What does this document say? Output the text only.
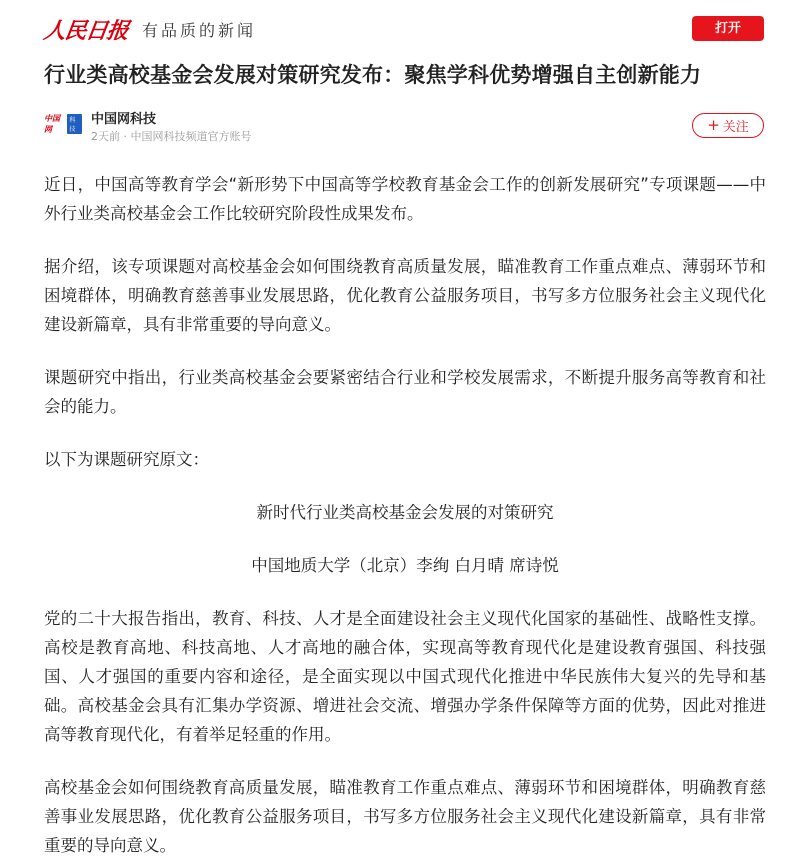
人民日报 有品质的新闻	打开
行业类高校基金会发展对策研究发布：聚焦学科优势增强自主创新能力
中国网
科技
中国网科技
2天前 · 中国网科技频道官方账号
+ 关注

近日，中国高等教育学会“新形势下中国高等学校教育基金会工作的创新发展研究”专项课题——中外行业类高校基金会工作比较研究阶段性成果发布。

据介绍，该专项课题对高校基金会如何围绕教育高质量发展，瞄准教育工作重点难点、薄弱环节和困境群体，明确教育慈善事业发展思路，优化教育公益服务项目，书写多方位服务社会主义现代化建设新篇章，具有非常重要的导向意义。

课题研究中指出，行业类高校基金会要紧密结合行业和学校发展需求，不断提升服务高等教育和社会的能力。

以下为课题研究原文：

新时代行业类高校基金会发展的对策研究

中国地质大学（北京）李绚 白月晴 席诗悦

党的二十大报告指出，教育、科技、人才是全面建设社会主义现代化国家的基础性、战略性支撑。高校是教育高地、科技高地、人才高地的融合体，实现高等教育现代化是建设教育强国、科技强国、人才强国的重要内容和途径，是全面实现以中国式现代化推进中华民族伟大复兴的先导和基础。高校基金会具有汇集办学资源、增进社会交流、增强办学条件保障等方面的优势，因此对推进高等教育现代化，有着举足轻重的作用。

高校基金会如何围绕教育高质量发展，瞄准教育工作重点难点、薄弱环节和困境群体，明确教育慈善事业发展思路，优化教育公益服务项目，书写多方位服务社会主义现代化建设新篇章，具有非常重要的导向意义。
